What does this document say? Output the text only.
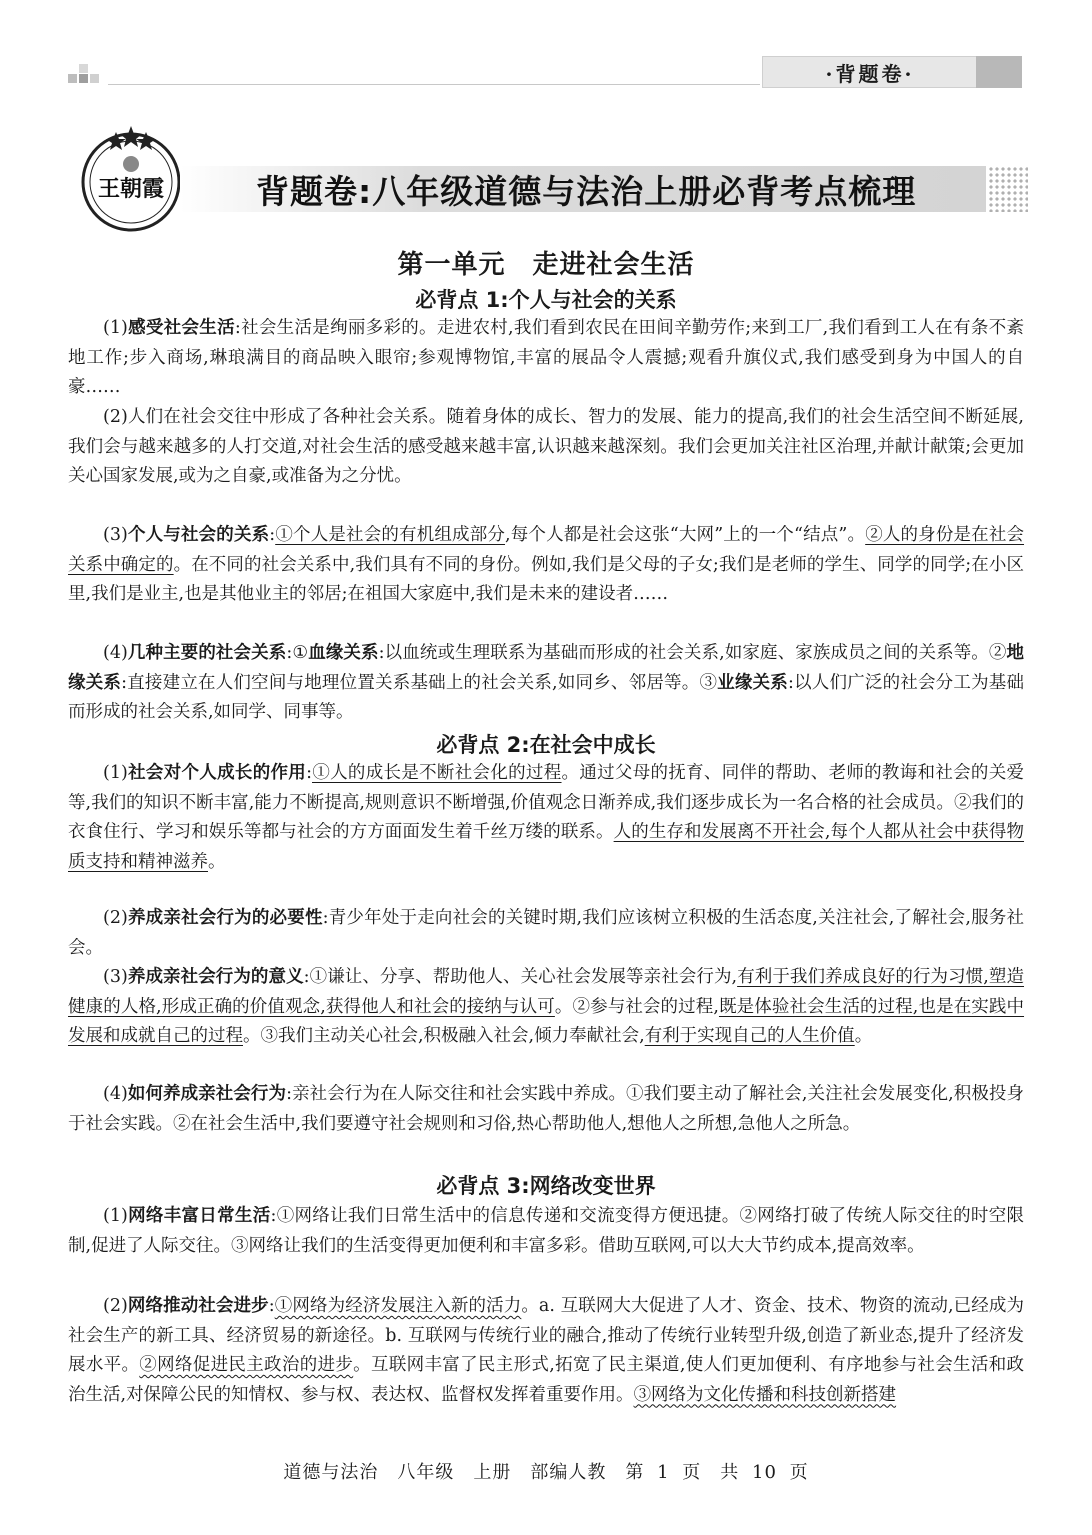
·背题卷·
王朝霞	背题卷:八年级道德与法治上册必背考点梳理
第一单元　走进社会生活
必背点 1:个人与社会的关系

(1)感受社会生活:社会生活是绚丽多彩的。走进农村,我们看到农民在田间辛勤劳作;来到工厂,我们看到工人在有条不紊地工作;步入商场,琳琅满目的商品映入眼帘;参观博物馆,丰富的展品令人震撼;观看升旗仪式,我们感受到身为中国人的自豪……

(2)人们在社会交往中形成了各种社会关系。随着身体的成长、智力的发展、能力的提高,我们的社会生活空间不断延展,我们会与越来越多的人打交道,对社会生活的感受越来越丰富,认识越来越深刻。我们会更加关注社区治理,并献计献策;会更加关心国家发展,或为之自豪,或准备为之分忧。

(3)个人与社会的关系:①个人是社会的有机组成部分,每个人都是社会这张“大网”上的一个“结点”。②人的身份是在社会关系中确定的。在不同的社会关系中,我们具有不同的身份。例如,我们是父母的子女;我们是老师的学生、同学的同学;在小区里,我们是业主,也是其他业主的邻居;在祖国大家庭中,我们是未来的建设者……

(4)几种主要的社会关系:①血缘关系:以血统或生理联系为基础而形成的社会关系,如家庭、家族成员之间的关系等。②地缘关系:直接建立在人们空间与地理位置关系基础上的社会关系,如同乡、邻居等。③业缘关系:以人们广泛的社会分工为基础而形成的社会关系,如同学、同事等。

必背点 2:在社会中成长

(1)社会对个人成长的作用:①人的成长是不断社会化的过程。通过父母的抚育、同伴的帮助、老师的教诲和社会的关爱等,我们的知识不断丰富,能力不断提高,规则意识不断增强,价值观念日渐养成,我们逐步成长为一名合格的社会成员。②我们的衣食住行、学习和娱乐等都与社会的方方面面发生着千丝万缕的联系。人的生存和发展离不开社会,每个人都从社会中获得物质支持和精神滋养。

(2)养成亲社会行为的必要性:青少年处于走向社会的关键时期,我们应该树立积极的生活态度,关注社会,了解社会,服务社会。

(3)养成亲社会行为的意义:①谦让、分享、帮助他人、关心社会发展等亲社会行为,有利于我们养成良好的行为习惯,塑造健康的人格,形成正确的价值观念,获得他人和社会的接纳与认可。②参与社会的过程,既是体验社会生活的过程,也是在实践中发展和成就自己的过程。③我们主动关心社会,积极融入社会,倾力奉献社会,有利于实现自己的人生价值。

(4)如何养成亲社会行为:亲社会行为在人际交往和社会实践中养成。①我们要主动了解社会,关注社会发展变化,积极投身于社会实践。②在社会生活中,我们要遵守社会规则和习俗,热心帮助他人,想他人之所想,急他人之所急。

必背点 3:网络改变世界

(1)网络丰富日常生活:①网络让我们日常生活中的信息传递和交流变得方便迅捷。②网络打破了传统人际交往的时空限制,促进了人际交往。③网络让我们的生活变得更加便利和丰富多彩。借助互联网,可以大大节约成本,提高效率。

(2)网络推动社会进步:①网络为经济发展注入新的活力。a. 互联网大大促进了人才、资金、技术、物资的流动,已经成为社会生产的新工具、经济贸易的新途径。b. 互联网与传统行业的融合,推动了传统行业转型升级,创造了新业态,提升了经济发展水平。②网络促进民主政治的进步。互联网丰富了民主形式,拓宽了民主渠道,使人们更加便利、有序地参与社会生活和政治生活,对保障公民的知情权、参与权、表达权、监督权发挥着重要作用。③网络为文化传播和科技创新搭建

道德与法治　八年级　上册　部编人教　第 1 页　共 10 页
